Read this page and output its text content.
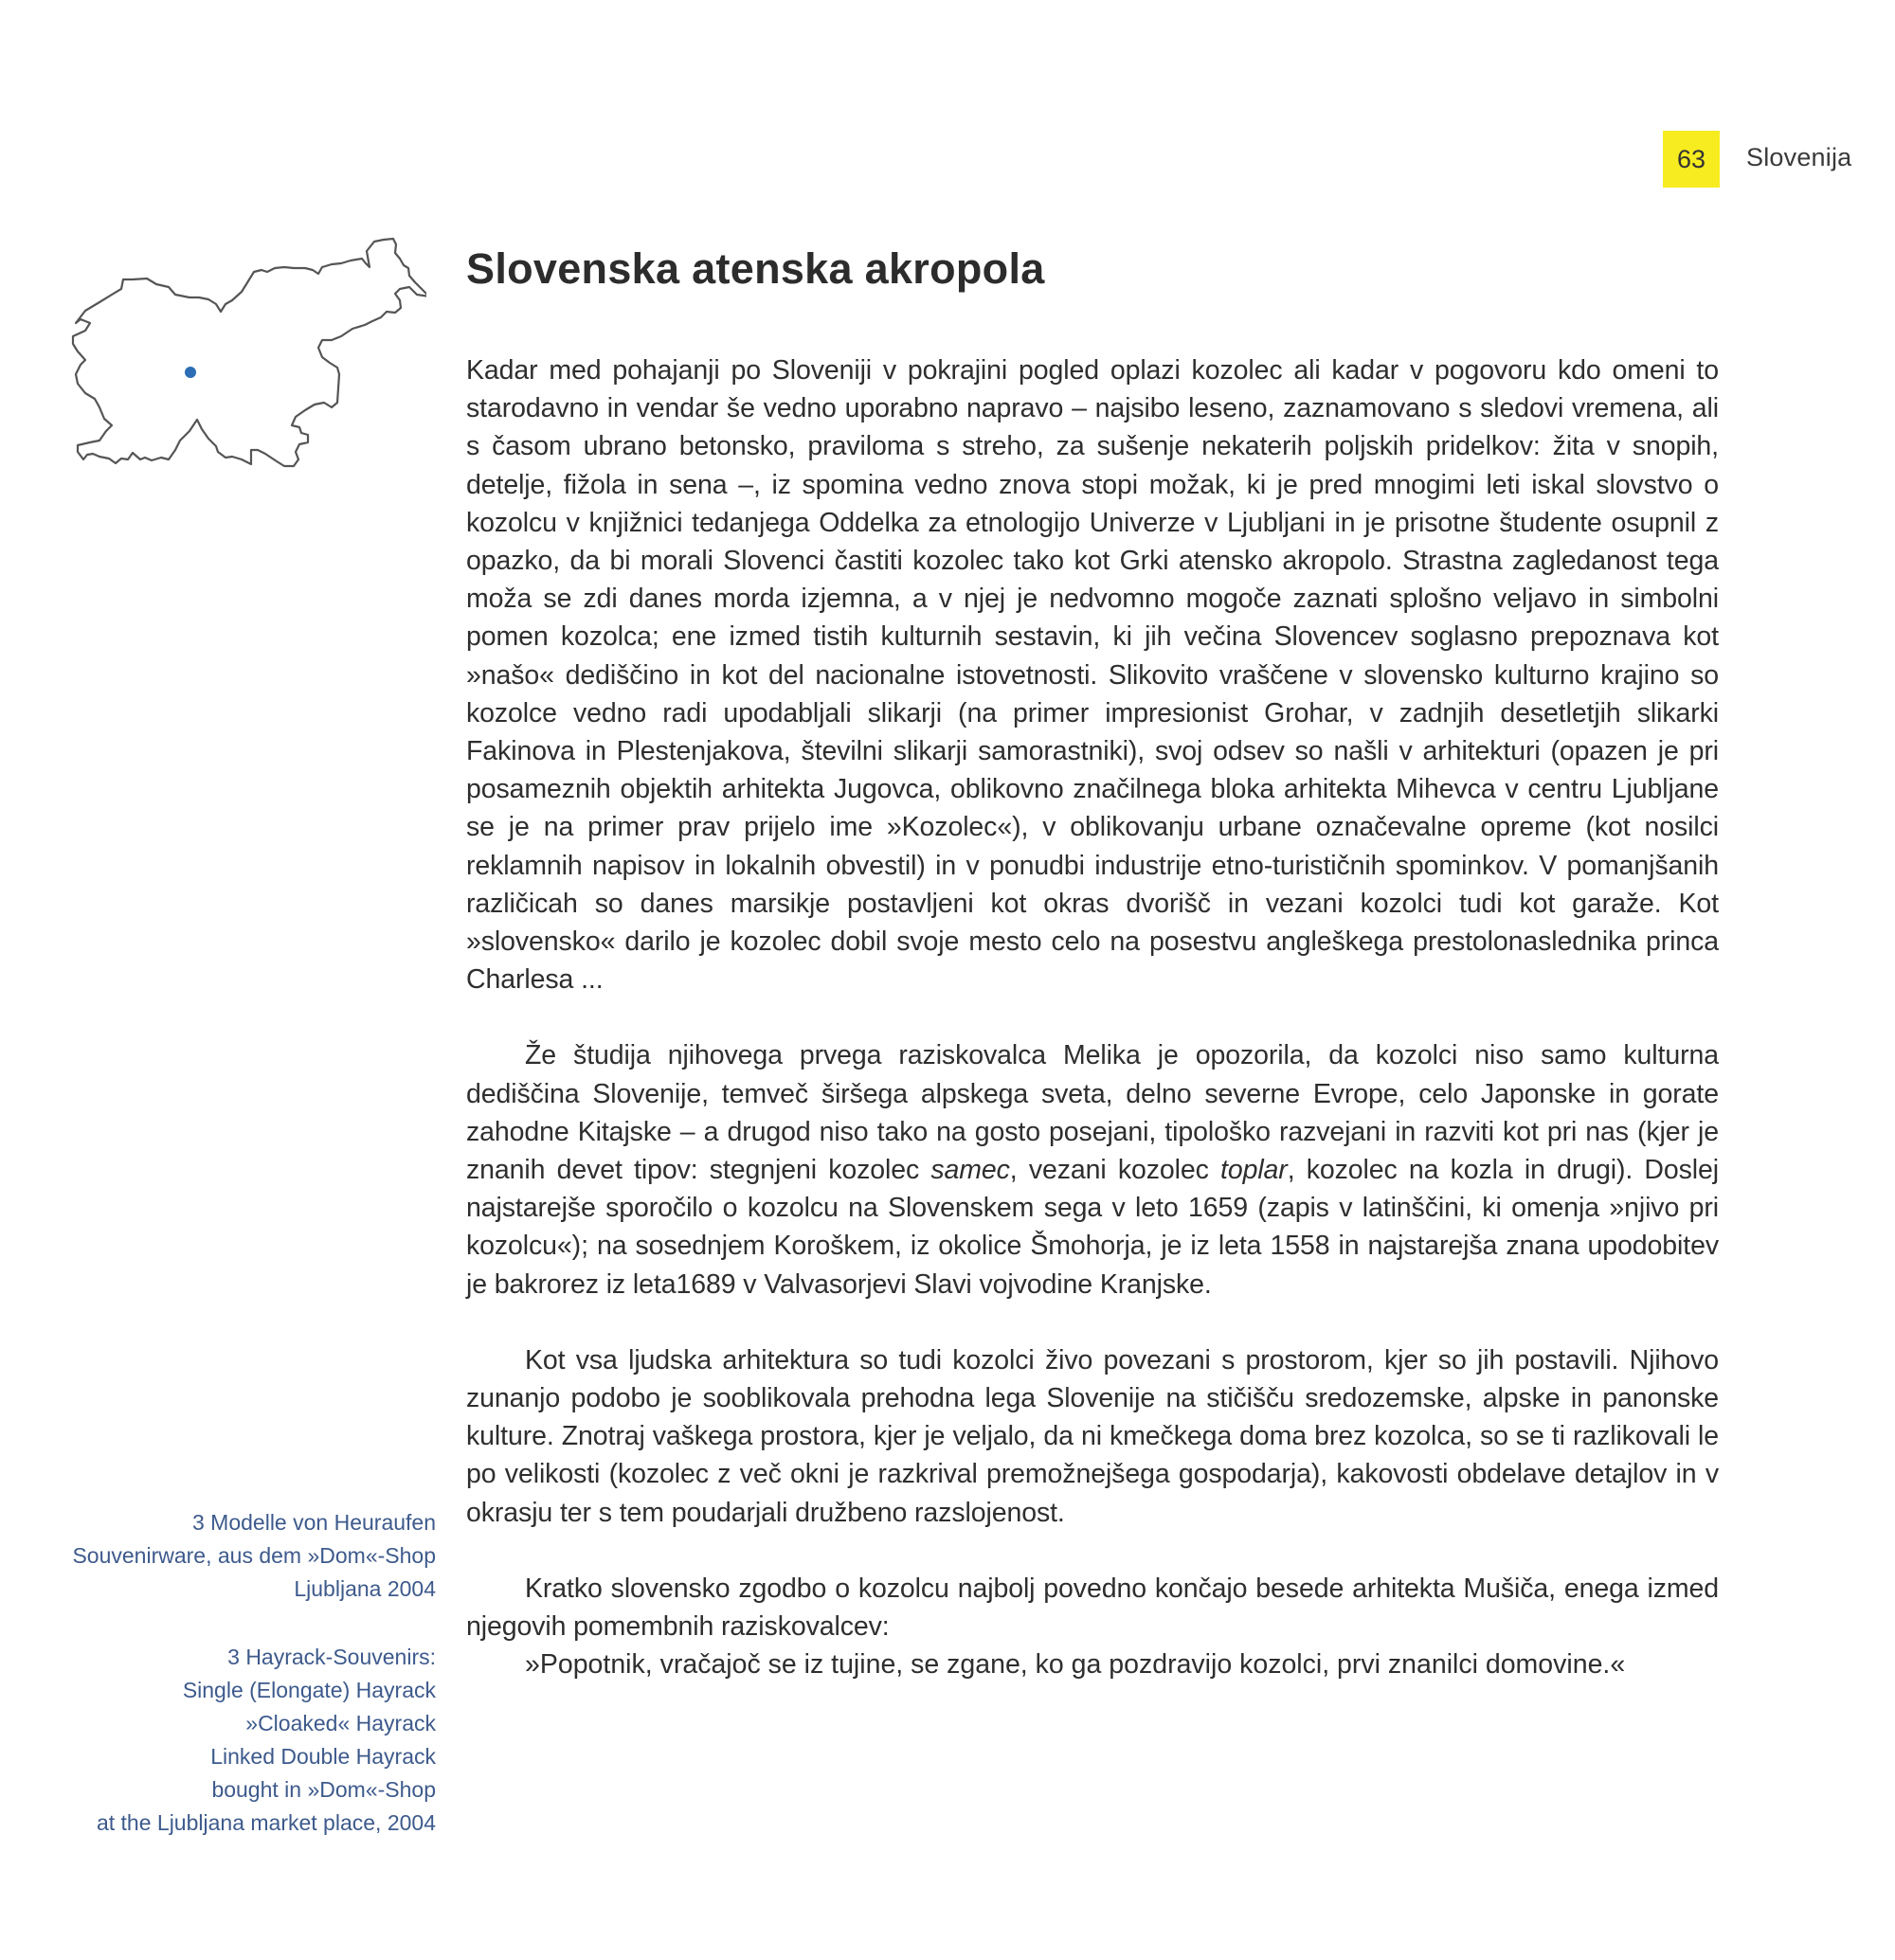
63 Slovenija
Slovenska atenska akropola

Kadar med pohajanji po Sloveniji v pokrajini pogled oplazi kozolec ali kadar v pogovoru kdo omeni to starodavno in vendar še vedno uporabno napravo – najsibo leseno, zaznamovano s sledovi vremena, ali s časom ubrano betonsko, praviloma s streho, za sušenje nekaterih poljskih pridelkov: žita v snopih, detelje, fižola in sena –, iz spomina vedno znova stopi možak, ki je pred mnogimi leti iskal slovstvo o kozolcu v knjižnici tedanjega Oddelka za etnologijo Univerze v Ljubljani in je prisotne študente osupnil z opazko, da bi morali Slovenci častiti kozolec tako kot Grki atensko akropolo. Strastna zagledanost tega moža se zdi danes morda izjemna, a v njej je nedvomno mogoče zaznati splošno veljavo in simbolni pomen kozolca; ene izmed tistih kulturnih sestavin, ki jih večina Slovencev soglasno prepoznava kot »našo« dediščino in kot del nacionalne istovetnosti. Slikovito vraščene v slovensko kulturno krajino so kozolce vedno radi upodabljali slikarji (na primer impresionist Grohar, v zadnjih desetletjih slikarki Fakinova in Plestenjakova, številni slikarji samorastniki), svoj odsev so našli v arhitekturi (opazen je pri posameznih objektih arhitekta Jugovca, oblikovno značilnega bloka arhitekta Mihevca v centru Ljubljane se je na primer prav prijelo ime »Kozolec«), v oblikovanju urbane označevalne opreme (kot nosilci reklamnih napisov in lokalnih obvestil) in v ponudbi industrije etno-turističnih spominkov. V pomanjšanih različicah so danes marsikje postavljeni kot okras dvorišč in vezani kozolci tudi kot garaže. Kot »slovensko« darilo je kozolec dobil svoje mesto celo na posestvu angleškega prestolonaslednika princa Charlesa ...

Že študija njihovega prvega raziskovalca Melika je opozorila, da kozolci niso samo kulturna dediščina Slovenije, temveč širšega alpskega sveta, delno severne Evrope, celo Japonske in gorate zahodne Kitajske – a drugod niso tako na gosto posejani, tipološko razvejani in razviti kot pri nas (kjer je znanih devet tipov: stegnjeni kozolec samec, vezani kozolec toplar, kozolec na kozla in drugi). Doslej najstarejše sporočilo o kozolcu na Slovenskem sega v leto 1659 (zapis v latinščini, ki omenja »njivo pri kozolcu«); na sosednjem Koroškem, iz okolice Šmohorja, je iz leta 1558 in najstarejša znana upodobitev je bakrorez iz leta1689 v Valvasorjevi Slavi vojvodine Kranjske.

Kot vsa ljudska arhitektura so tudi kozolci živo povezani s prostorom, kjer so jih postavili. Njihovo zunanjo podobo je sooblikovala prehodna lega Slovenije na stičišču sredozemske, alpske in panonske kulture. Znotraj vaškega prostora, kjer je veljalo, da ni kmečkega doma brez kozolca, so se ti razlikovali le po velikosti (kozolec z več okni je razkrival premožnejšega gospodarja), kakovosti obdelave detajlov in v okrasju ter s tem poudarjali družbeno razslojenost.

Kratko slovensko zgodbo o kozolcu najbolj povedno končajo besede arhitekta Mušiča, enega izmed njegovih pomembnih raziskovalcev:

»Popotnik, vračajoč se iz tujine, se zgane, ko ga pozdravijo kozolci, prvi znanilci domovine.«

3 Modelle von Heuraufen
Souvenirware, aus dem »Dom«-Shop
Ljubljana 2004
3 Hayrack-Souvenirs:
Single (Elongate) Hayrack
»Cloaked« Hayrack
Linked Double Hayrack
bought in »Dom«-Shop
at the Ljubljana market place, 2004
